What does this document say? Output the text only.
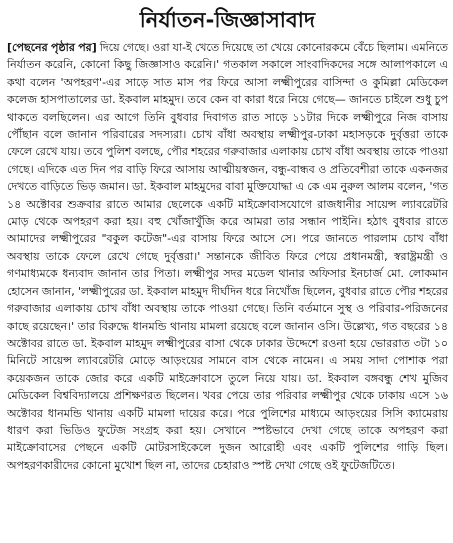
নির্যাতন-জিজ্ঞাসাবাদ

[পেছনের পৃষ্ঠার পর] দিয়ে গেছে। ওরা যা-ই খেতে দিয়েছে তা খেয়ে কোনোরকমে বেঁচে ছিলাম। এমনিতে নির্যাতন করেনি, কোনো কিছু জিজ্ঞাসাও করেনি।' গতকাল সকালে সাংবাদিকদের সঙ্গে আলাপকালে এ কথা বলেন 'অপহরণ'-এর সাড়ে সাত মাস পর ফিরে আসা লক্ষ্মীপুরের বাসিন্দা ও কুমিল্লা মেডিকেল কলেজ হাসপাতালের ডা. ইকবাল মাহমুদ। তবে কেন বা কারা ধরে নিয়ে গেছে— জানতে চাইলে শুধু চুপ থাকতে বলছিলেন। এর আগে তিনি বুধবার দিবাগত রাত সাড়ে ১১টার দিকে লক্ষ্মীপুরে নিজ বাসায় পৌঁছান বলে জানান পরিবারের সদস্যরা। চোখ বাঁধা অবস্থায় লক্ষ্মীপুর-ঢাকা মহাসড়কে দুর্বৃত্তরা তাকে ফেলে রেখে যায়। তবে পুলিশ বলছে, পৌর শহরের গরুবাজার এলাকায় চোখ বাঁধা অবস্থায় তাকে পাওয়া গেছে। এদিকে এত দিন পর বাড়ি ফিরে আসায় আত্মীয়স্বজন, বন্ধু-বান্ধব ও প্রতিবেশীরা তাকে একনজর দেখতে বাড়িতে ভিড় জমান। ডা. ইকবাল মাহমুদের বাবা মুক্তিযোদ্ধা এ কে এম নুরুল আলম বলেন, 'গত ১৪ অক্টোবর শুক্রবার রাতে আমার ছেলেকে একটি মাইক্রোবাসযোগে রাজধানীর সায়েন্স ল্যাবরেটরি মোড় থেকে অপহরণ করা হয়। বহু খোঁজাখুঁজি করে আমরা তার সন্ধান পাইনি। হঠাৎ বুধবার রাতে আমাদের লক্ষ্মীপুরের "বকুল কটেজ"-এর বাসায় ফিরে আসে সে। পরে জানতে পারলাম চোখ বাঁধা অবস্থায় তাকে ফেলে রেখে গেছে দুর্বৃত্তরা।' সন্তানকে জীবিত ফিরে পেয়ে প্রধানমন্ত্রী, স্বরাষ্ট্রমন্ত্রী ও গণমাধ্যমকে ধন্যবাদ জানান তার পিতা। লক্ষ্মীপুর সদর মডেল থানার অফিসার ইনচার্জ মো. লোকমান হোসেন জানান, 'লক্ষ্মীপুরের ডা. ইকবাল মাহমুদ দীর্ঘদিন ধরে নিখোঁজ ছিলেন, বুধবার রাতে পৌর শহরের গরুবাজার এলাকায় চোখ বাঁধা অবস্থায় তাকে পাওয়া গেছে। তিনি বর্তমানে সুস্থ ও পরিবার-পরিজনের কাছে রয়েছেন।' তার বিরুদ্ধে ধানমন্ডি থানায় মামলা রয়েছে বলে জানান ওসি। উল্লেখ্য, গত বছরের ১৪ অক্টোবর রাতে ডা. ইকবাল মাহমুদ লক্ষ্মীপুরের বাসা থেকে ঢাকার উদ্দেশে রওনা হয়ে ভোররাত ৩টা ১০ মিনিটে সায়েন্স ল্যাবরেটরি মোড়ে আড়ংয়ের সামনে বাস থেকে নামেন। এ সময় সাদা পোশাক পরা কয়েকজন তাকে জোর করে একটি মাইক্রোবাসে তুলে নিয়ে যায়। ডা. ইকবাল বঙ্গবন্ধু শেখ মুজিব মেডিকেল বিশ্ববিদ্যালয়ে প্রশিক্ষণরত ছিলেন। খবর পেয়ে তার পরিবার লক্ষ্মীপুর থেকে ঢাকায় এসে ১৬ অক্টোবর ধানমন্ডি থানায় একটি মামলা দায়ের করে। পরে পুলিশের মাধ্যমে আড়ংয়ের সিসি ক্যামেরায় ধারণ করা ভিডিও ফুটেজ সংগ্রহ করা হয়। সেখানে স্পষ্টভাবে দেখা গেছে তাকে অপহরণ করা মাইক্রোবাসের পেছনে একটি মোটরসাইকেলে দুজন আরোহী এবং একটি পুলিশের গাড়ি ছিল। অপহরণকারীদের কোনো মুখোশ ছিল না, তাদের চেহারাও স্পষ্ট দেখা গেছে ওই ফুটেজটিতে।
